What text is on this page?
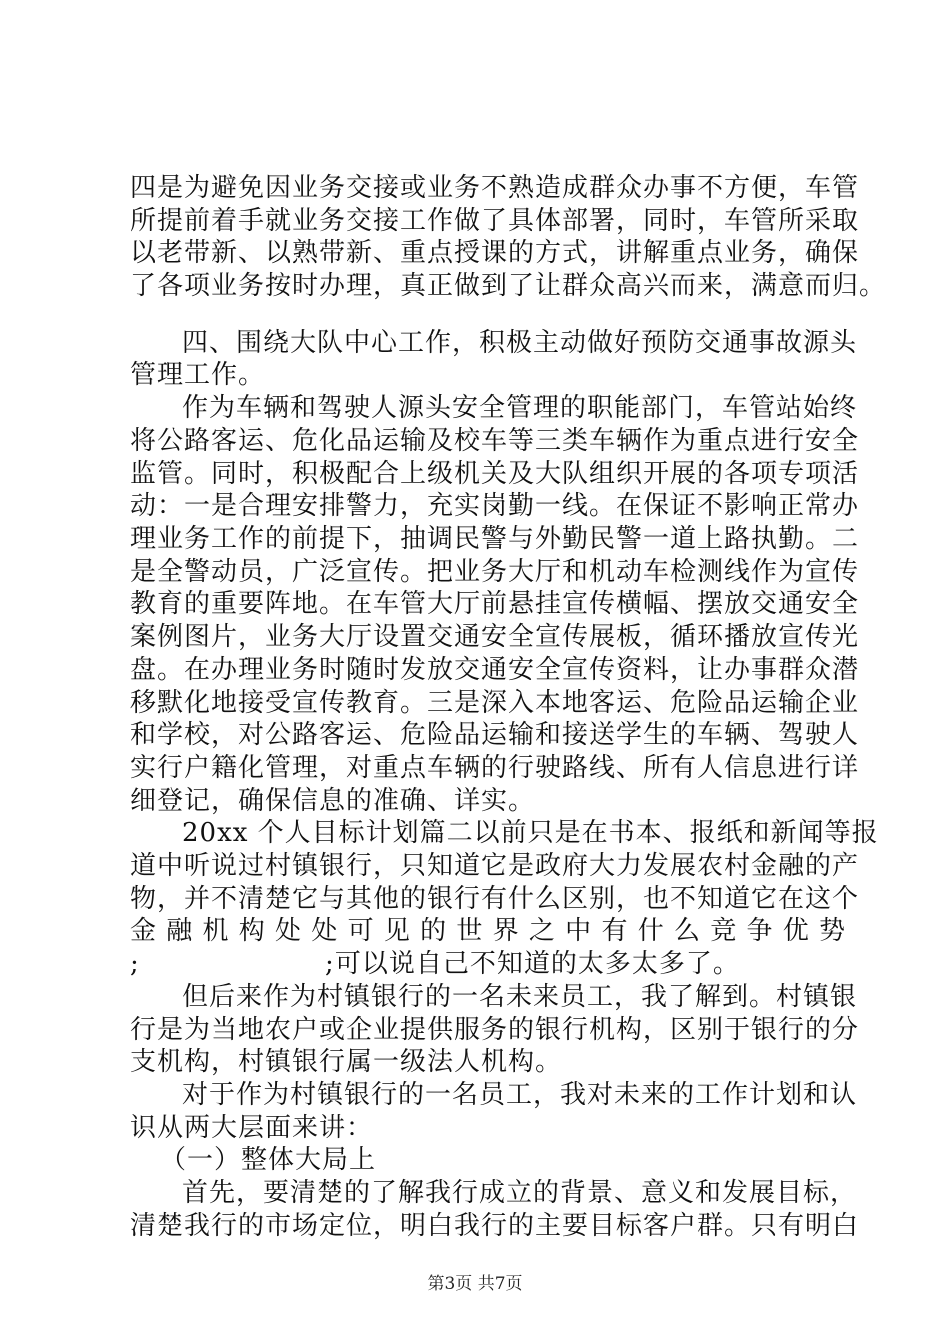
四是为避免因业务交接或业务不熟造成群众办事不方便，车管
所提前着手就业务交接工作做了具体部署，同时，车管所采取
以老带新、以熟带新、重点授课的方式，讲解重点业务，确保
了各项业务按时办理，真正做到了让群众高兴而来，满意而归。
四、围绕大队中心工作，积极主动做好预防交通事故源头
管理工作。
作为车辆和驾驶人源头安全管理的职能部门，车管站始终
将公路客运、危化品运输及校车等三类车辆作为重点进行安全
监管。同时，积极配合上级机关及大队组织开展的各项专项活
动：一是合理安排警力，充实岗勤一线。在保证不影响正常办
理业务工作的前提下，抽调民警与外勤民警一道上路执勤。二
是全警动员，广泛宣传。把业务大厅和机动车检测线作为宣传
教育的重要阵地。在车管大厅前悬挂宣传横幅、摆放交通安全
案例图片，业务大厅设置交通安全宣传展板，循环播放宣传光
盘。在办理业务时随时发放交通安全宣传资料，让办事群众潜
移默化地接受宣传教育。三是深入本地客运、危险品运输企业
和学校，对公路客运、危险品运输和接送学生的车辆、驾驶人
实行户籍化管理，对重点车辆的行驶路线、所有人信息进行详
细登记，确保信息的准确、详实。
20xx 个人目标计划篇二以前只是在书本、报纸和新闻等报
道中听说过村镇银行，只知道它是政府大力发展农村金融的产
物，并不清楚它与其他的银行有什么区别，也不知道它在这个
金 融 机 构 处 处 可 见 的 世 界 之 中 有 什 么 竞 争 优 势
;                    ;可以说自己不知道的太多太多了。
但后来作为村镇银行的一名未来员工，我了解到。村镇银
行是为当地农户或企业提供服务的银行机构，区别于银行的分
支机构，村镇银行属一级法人机构。
对于作为村镇银行的一名员工，我对未来的工作计划和认
识从两大层面来讲：
（一）整体大局上
首先，要清楚的了解我行成立的背景、意义和发展目标，
清楚我行的市场定位，明白我行的主要目标客户群。只有明白
第3页 共7页
